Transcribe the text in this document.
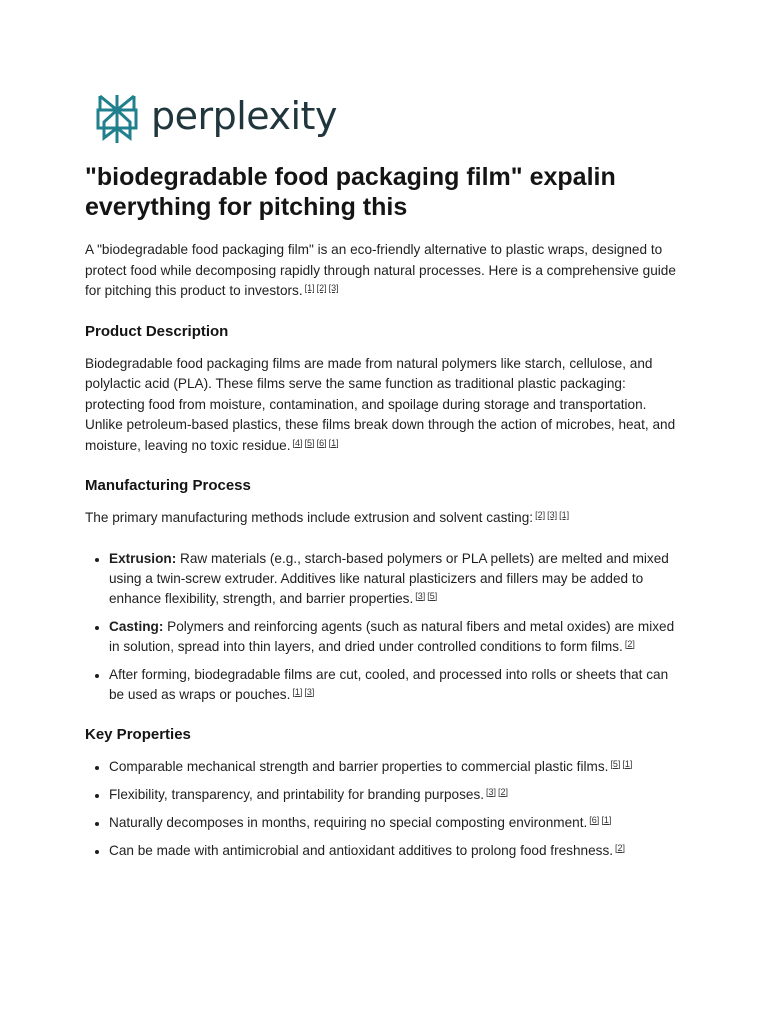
perplexity
"biodegradable food packaging film" expalin everything for pitching this

A "biodegradable food packaging film" is an eco-friendly alternative to plastic wraps, designed to protect food while decomposing rapidly through natural processes. Here is a comprehensive guide for pitching this product to investors. [1] [2] [3]

Product Description

Biodegradable food packaging films are made from natural polymers like starch, cellulose, and polylactic acid (PLA). These films serve the same function as traditional plastic packaging: protecting food from moisture, contamination, and spoilage during storage and transportation. Unlike petroleum-based plastics, these films break down through the action of microbes, heat, and moisture, leaving no toxic residue. [4] [5] [6] [1]

Manufacturing Process

The primary manufacturing methods include extrusion and solvent casting: [2] [3] [1]

• Extrusion: Raw materials (e.g., starch-based polymers or PLA pellets) are melted and mixed using a twin-screw extruder. Additives like natural plasticizers and fillers may be added to enhance flexibility, strength, and barrier properties. [3] [5]
• Casting: Polymers and reinforcing agents (such as natural fibers and metal oxides) are mixed in solution, spread into thin layers, and dried under controlled conditions to form films. [2]
• After forming, biodegradable films are cut, cooled, and processed into rolls or sheets that can be used as wraps or pouches. [1] [3]
Key Properties
• Comparable mechanical strength and barrier properties to commercial plastic films. [5] [1]
• Flexibility, transparency, and printability for branding purposes. [3] [2]
• Naturally decomposes in months, requiring no special composting environment. [6] [1]
• Can be made with antimicrobial and antioxidant additives to prolong food freshness. [2]
